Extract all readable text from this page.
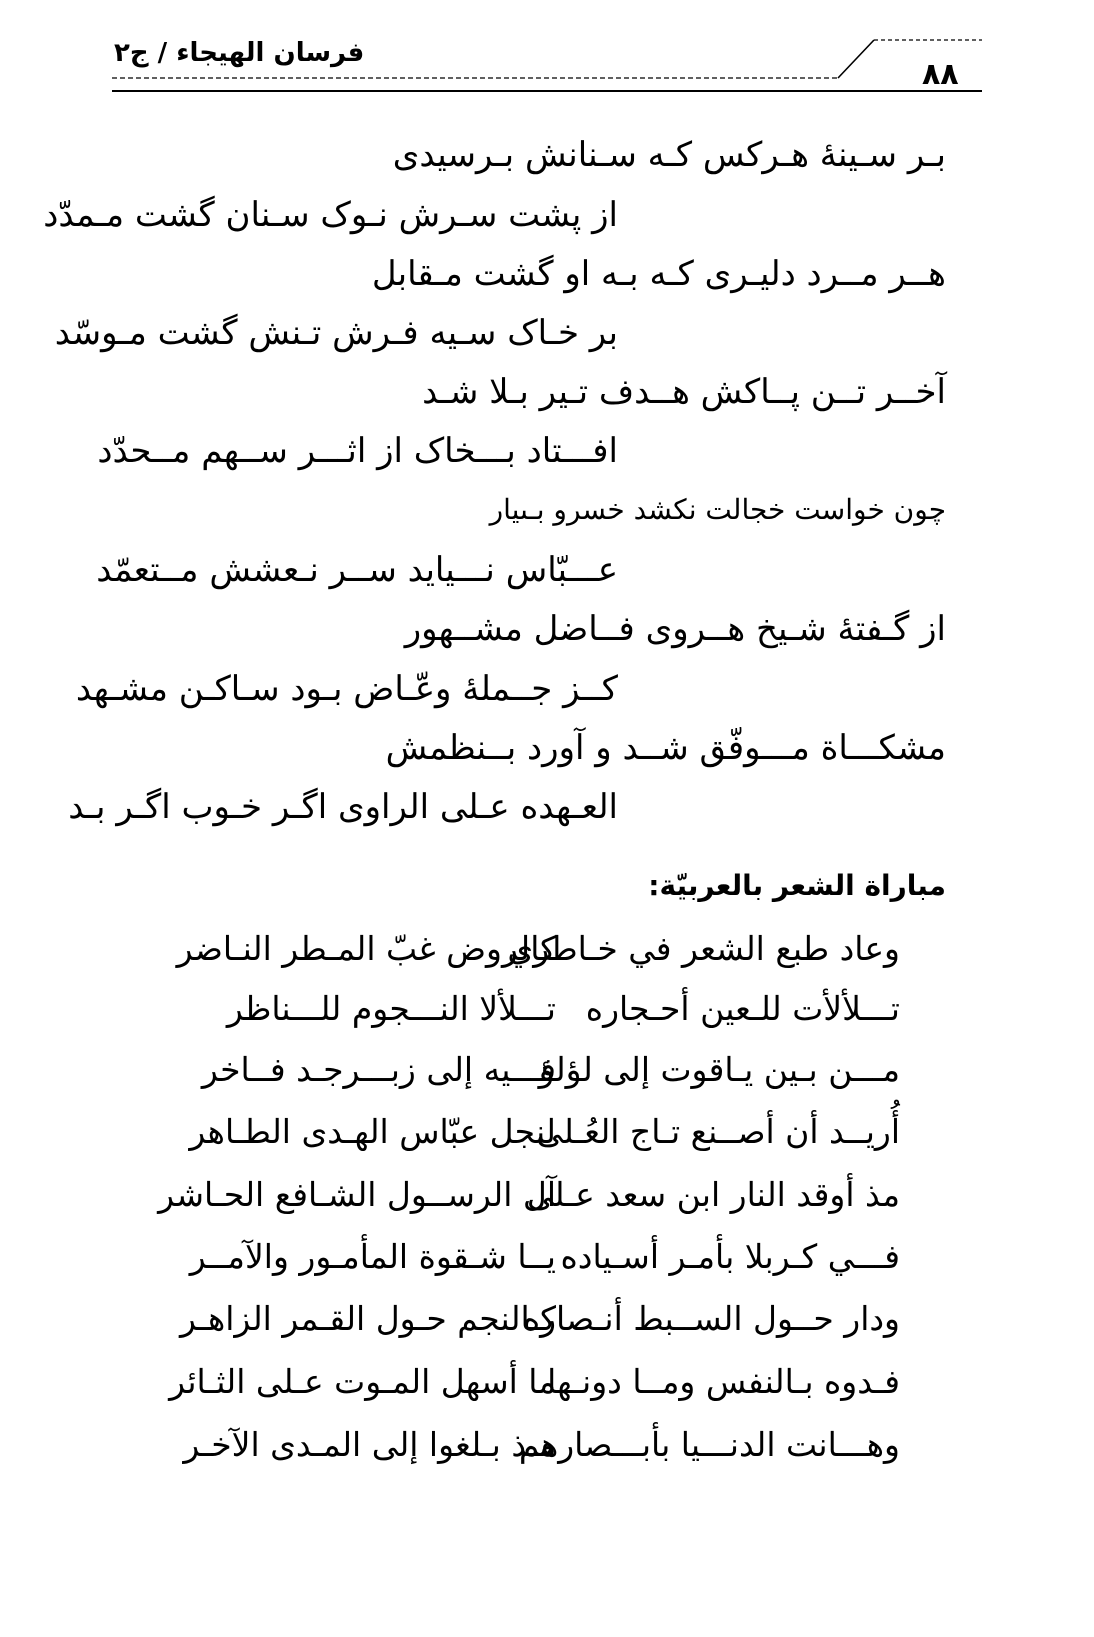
٨٨
فرسان الهيجاء / ج٢
بـر سـينهٔ هـركس كـه سـنانش بـرسيدى
از پشت سـرش نـوک سـنان گشت مـمدّد
هــر مــرد دليـرى كـه بـه او گشت مـقابل
بر خـاک سـيه فـرش تـنش گشت مـوسّد
آخــر تــن پــاكش هــدف تـير بـلا شـد
افـــتاد بـــخاک از اثـــر ســهم مــحدّد
چون خواست خجالت نكشد خسرو بـىيار
عـــبّاس نـــيايد ســر نـعشش مــتعمّد
از گـفتهٔ شـيخ هــروى فــاضل مشــهور
كــز جــملهٔ وعّـاض بـود سـاكـن مشـهد
مشكـــاة مـــوفّق شــد و آورد بــنظمش
العـهده عـلى الراوى اگـر خـوب اگـر بـد
مباراة الشعر بالعربيّة:
وعاد طبع الشعر في خـاطري
كالروض غبّ المـطر النـاضر
تـــلألأت للـعين أحـجاره
تـــلألا النـــجوم للـــناظر
مـــن بـين يـاقوت إلى لؤلؤ
فـــيه إلى زبـــرجـد فــاخر
أُريــد أن أصــنع تـاج العُـلى
لنجل عبّاس الهـدى الطـاهر
مذ أوقد النار ابن سعد عـلى
آل الرســول الشـافع الحـاشر
فـــي كـربلا بأمـر أسـياده
يــا شـقوة المأمـور والآمــر
ودار حــول الســبط أنـصاره
كـالنجم حـول القـمر الزاهـر
فـدوه بـالنفس ومــا دونـها
ما أسهل المـوت عـلى الثـائر
وهـــانت الدنـــيا بأبـــصارهم
مـذ بـلغوا إلى المـدى الآخـر
